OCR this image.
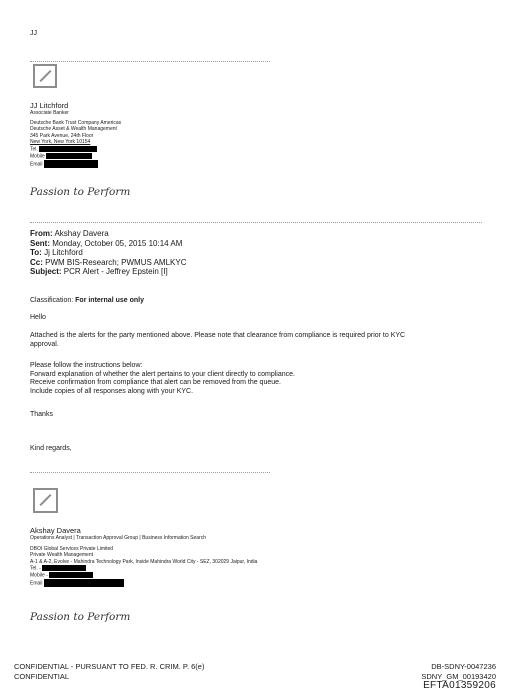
JJ
JJ Litchford
Associate Banker
Deutsche Bank Trust Company Americas
Deutsche Asset & Wealth Management
345 Park Avenue, 24th Floor
New York, New York 10154
Tel.
Mobile
Email
Passion to Perform
From: Akshay Davera
Sent: Monday, October 05, 2015 10:14 AM
To: Jj Litchford
Cc: PWM BIS-Research; PWMUS AMLKYC
Subject: PCR Alert - Jeffrey Epstein [I]
Classification: For internal use only
Hello
Attached is the alerts for the party mentioned above. Please note that clearance from compliance is required prior to KYC
approval.
Please follow the instructions below:
Forward explanation of whether the alert pertains to your client directly to compliance.
Receive confirmation from compliance that alert can be removed from the queue.
Include copies of all responses along with your KYC.
Thanks
Kind regards,
Akshay Davera
Operations Analyst | Transaction Approval Group | Business Information Search
DBOI Global Services Private Limited
Private Wealth Management
A-1 & A-2, Evolve - Mahindra Technology Park, Inside Mahindra World City - SEZ, 302029 Jaipur, India
Tel. -
Mobile -
Email
Passion to Perform
CONFIDENTIAL - PURSUANT TO FED. R. CRIM. P. 6(e)
CONFIDENTIAL
DB-SDNY-0047236
SDNY_GM_00193420
EFTA01359206
